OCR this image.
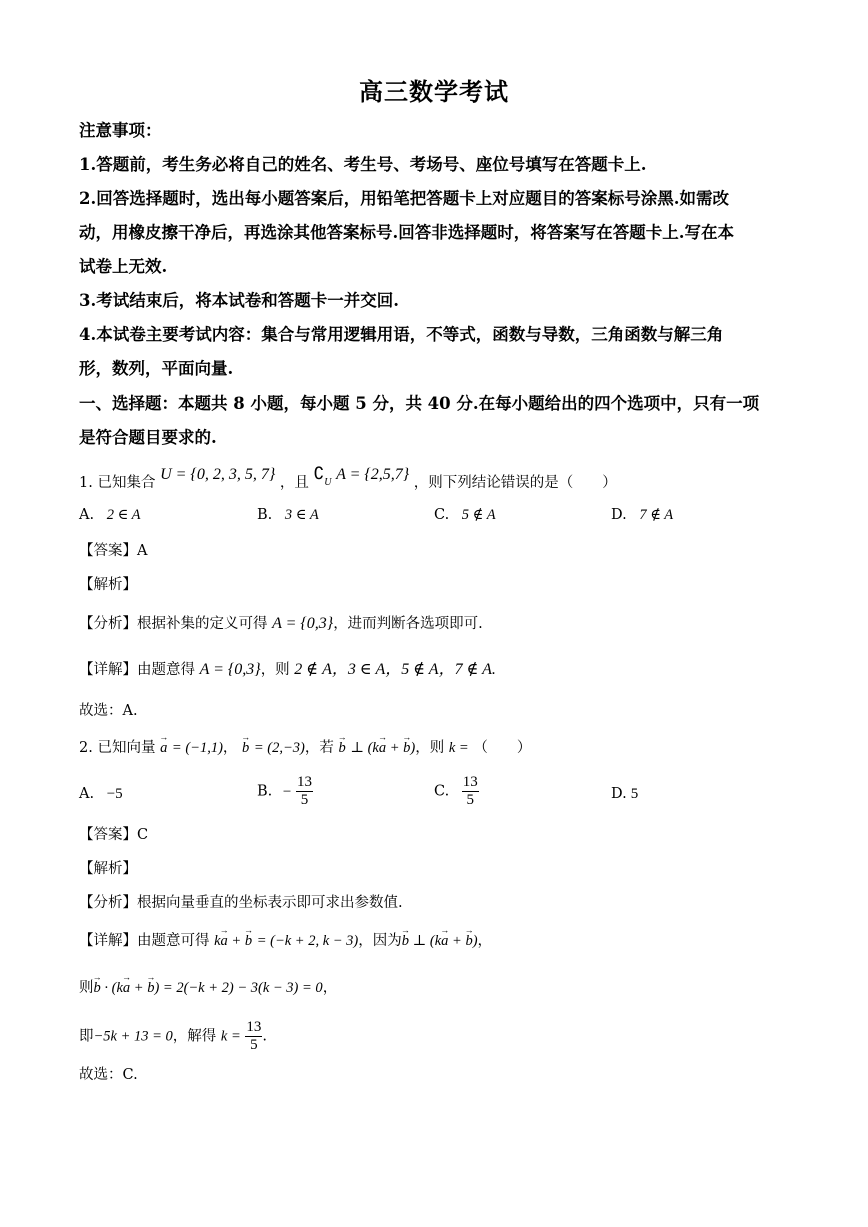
高三数学考试
注意事项：
1.答题前，考生务必将自己的姓名、考生号、考场号、座位号填写在答题卡上.
2.回答选择题时，选出每小题答案后，用铅笔把答题卡上对应题目的答案标号涂黑.如需改
动，用橡皮擦干净后，再选涂其他答案标号.回答非选择题时，将答案写在答题卡上.写在本
试卷上无效.
3.考试结束后，将本试卷和答题卡一并交回.
4.本试卷主要考试内容：集合与常用逻辑用语，不等式，函数与导数，三角函数与解三角
形，数列，平面向量.
一、选择题：本题共 8 小题，每小题 5 分，共 40 分.在每小题给出的四个选项中，只有一项
是符合题目要求的.
1. 已知集合 U = {0, 2, 3, 5, 7} ，且 $∁_U$ A = {2,5,7} ，则下列结论错误的是（　　）
A. 2 ∈ A	B. 3 ∈ A	C. 5 ∉ A	D. 7 ∉ A
【答案】A
【解析】
【分析】根据补集的定义可得 A = {0,3}，进而判断各选项即可.
【详解】由题意得 A = {0,3}，则 2 ∉ A，3 ∈ A，5 ∉ A，7 ∉ A.
故选：A.
2. 已知向量 → a = (−1,1)， → b = (2,−3)，若 → b ⊥ (k→ a + → b)，则 k = （　　）
A. −5	B. − $\frac{13}{5}$	C. $\frac{13}{5}$	D. 5
【答案】C
【解析】
【分析】根据向量垂直的坐标表示即可求出参数值.
【详解】由题意可得 k→ a + → b = (−k + 2, k − 3)，因为→ b ⊥ (k→ a + → b)，
则→ b · (k→ a + → b) = 2(−k + 2) − 3(k − 3) = 0，
即−5k + 13 = 0，解得 $k = \frac{13}{5}$ .
故选：C.
